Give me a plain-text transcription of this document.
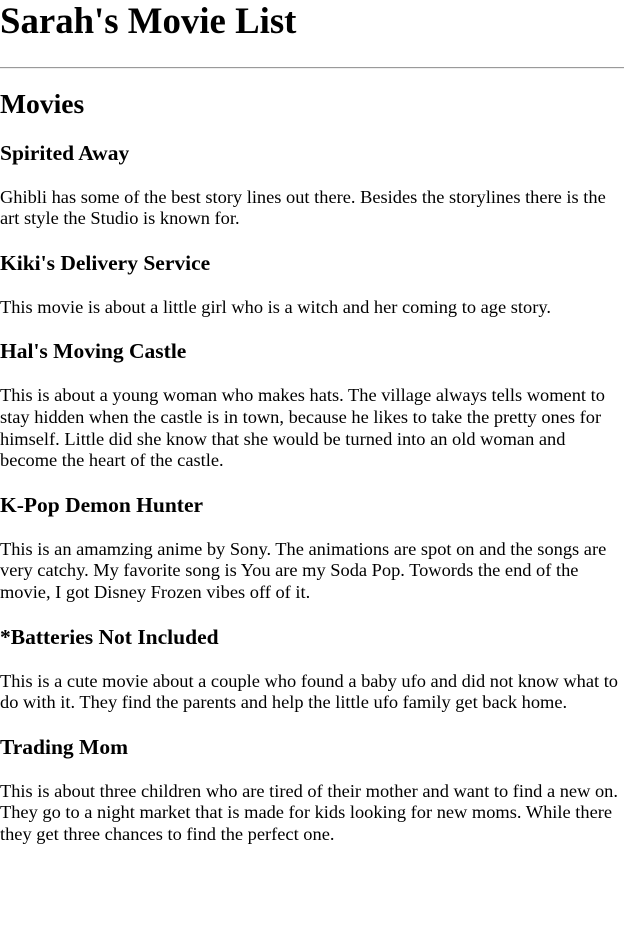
Sarah's Movie List
Movies
Spirited Away

Ghibli has some of the best story lines out there. Besides the storylines there is the art style the Studio is known for.

Kiki's Delivery Service

This movie is about a little girl who is a witch and her coming to age story.

Hal's Moving Castle

This is about a young woman who makes hats. The village always tells woment to stay hidden when the castle is in town, because he likes to take the pretty ones for himself. Little did she know that she would be turned into an old woman and become the heart of the castle.

K-Pop Demon Hunter

This is an amamzing anime by Sony. The animations are spot on and the songs are very catchy. My favorite song is You are my Soda Pop. Towords the end of the movie, I got Disney Frozen vibes off of it.

*Batteries Not Included

This is a cute movie about a couple who found a baby ufo and did not know what to do with it. They find the parents and help the little ufo family get back home.

Trading Mom

This is about three children who are tired of their mother and want to find a new on. They go to a night market that is made for kids looking for new moms. While there they get three chances to find the perfect one.
